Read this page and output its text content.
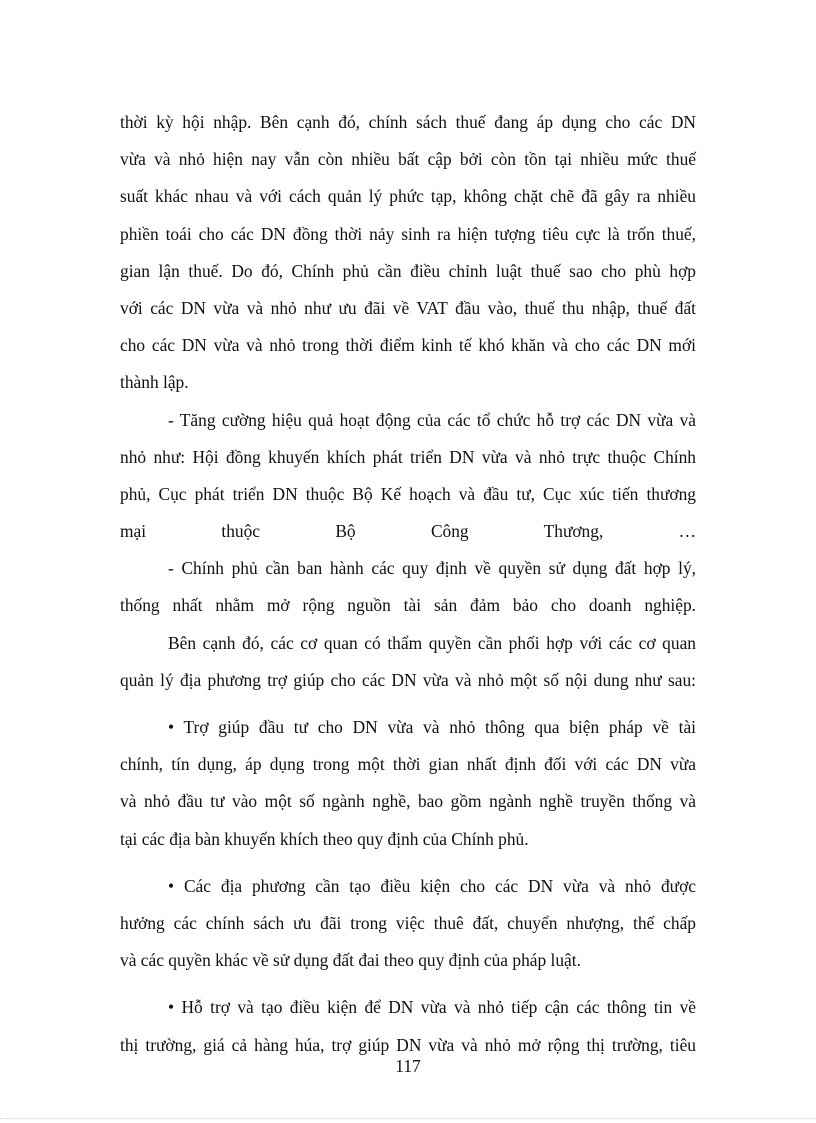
thời kỳ hội nhập. Bên cạnh đó, chính sách thuế đang áp dụng cho các DN
vừa và nhỏ hiện nay vẫn còn nhiều bất cập bởi còn tồn tại nhiều mức thuế
suất khác nhau và với cách quản lý phức tạp, không chặt chẽ đã gây ra nhiều
phiền toái cho các DN đồng thời nảy sinh ra hiện tượng tiêu cực là trốn thuế,
gian lận thuế. Do đó, Chính phủ cần điều chỉnh luật thuế sao cho phù hợp
với các DN vừa và nhỏ như ưu đãi về VAT đầu vào, thuế thu nhập, thuế đất
cho các DN vừa và nhỏ trong thời điểm kinh tế khó khăn và cho các DN mới
thành lập.
- Tăng cường hiệu quả hoạt động của các tổ chức hỗ trợ các DN vừa và
nhỏ như: Hội đồng khuyến khích phát triển DN vừa và nhỏ trực thuộc Chính
phủ, Cục phát triển DN thuộc Bộ Kế hoạch và đầu tư, Cục xúc tiến thương
mại thuộc Bộ Công Thương, …
- Chính phủ cần ban hành các quy định về quyền sử dụng đất hợp lý,
thống nhất nhằm mở rộng nguồn tài sản đảm bảo cho doanh nghiệp.
Bên cạnh đó, các cơ quan có thẩm quyền cần phối hợp với các cơ quan
quản lý địa phương trợ giúp cho các DN vừa và nhỏ một số nội dung như sau:
• Trợ giúp đầu tư cho DN vừa và nhỏ thông qua biện pháp về tài
chính, tín dụng, áp dụng trong một thời gian nhất định đối với các DN vừa
và nhỏ đầu tư vào một số ngành nghề, bao gồm ngành nghề truyền thống và
tại các địa bàn khuyến khích theo quy định của Chính phủ.
• Các địa phương cần tạo điều kiện cho các DN vừa và nhỏ được
hưởng các chính sách ưu đãi trong việc thuê đất, chuyển nhượng, thế chấp
và các quyền khác về sử dụng đất đai theo quy định của pháp luật.
• Hỗ trợ và tạo điều kiện để DN vừa và nhỏ tiếp cận các thông tin về
thị trường, giá cả hàng húa, trợ giúp DN vừa và nhỏ mở rộng thị trường, tiêu
117
